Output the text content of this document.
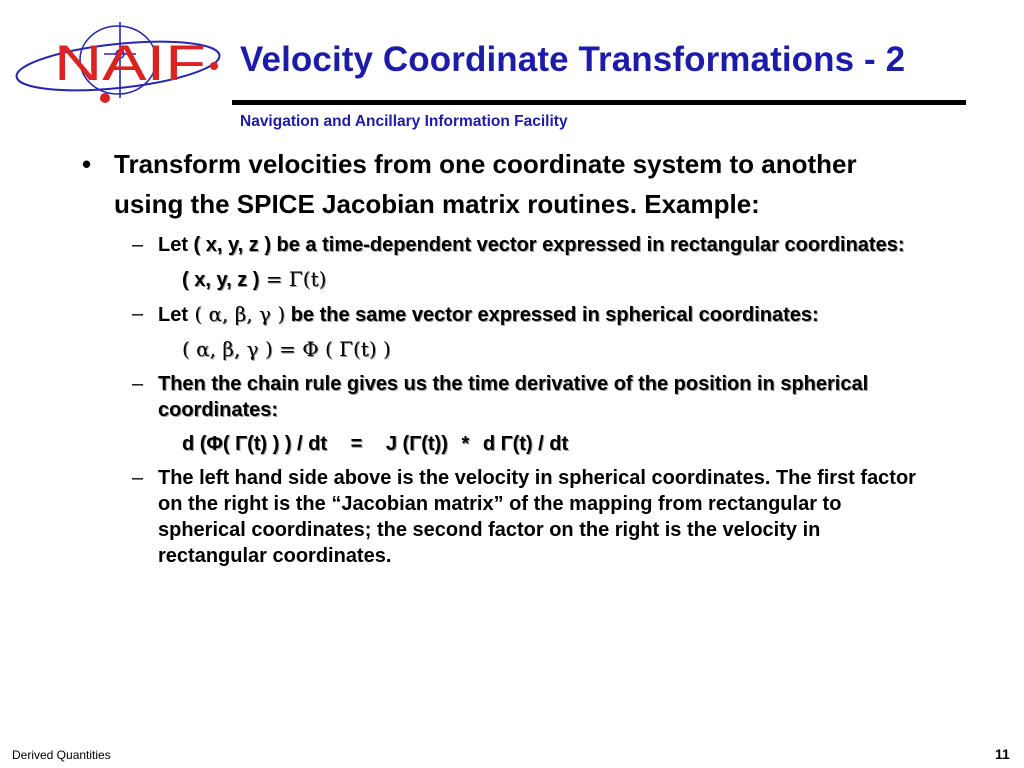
NAIF Velocity Coordinate Transformations - 2
Navigation and Ancillary Information Facility
• Transform velocities from one coordinate system to another using the SPICE Jacobian matrix routines. Example:
– Let ( x, y, z ) be a time-dependent vector expressed in rectangular coordinates:
( x, y, z ) = Γ(t)
– Let ( α, β, γ ) be the same vector expressed in spherical coordinates:
( α, β, γ ) = Φ ( Γ(t) )
– Then the chain rule gives us the time derivative of the position in spherical coordinates:
d (Φ( Γ(t) ) ) / dt = J (Γ(t)) * d Γ(t) / dt
– The left hand side above is the velocity in spherical coordinates. The first factor on the right is the “Jacobian matrix” of the mapping from rectangular to spherical coordinates; the second factor on the right is the velocity in rectangular coordinates.
Derived Quantities	11
